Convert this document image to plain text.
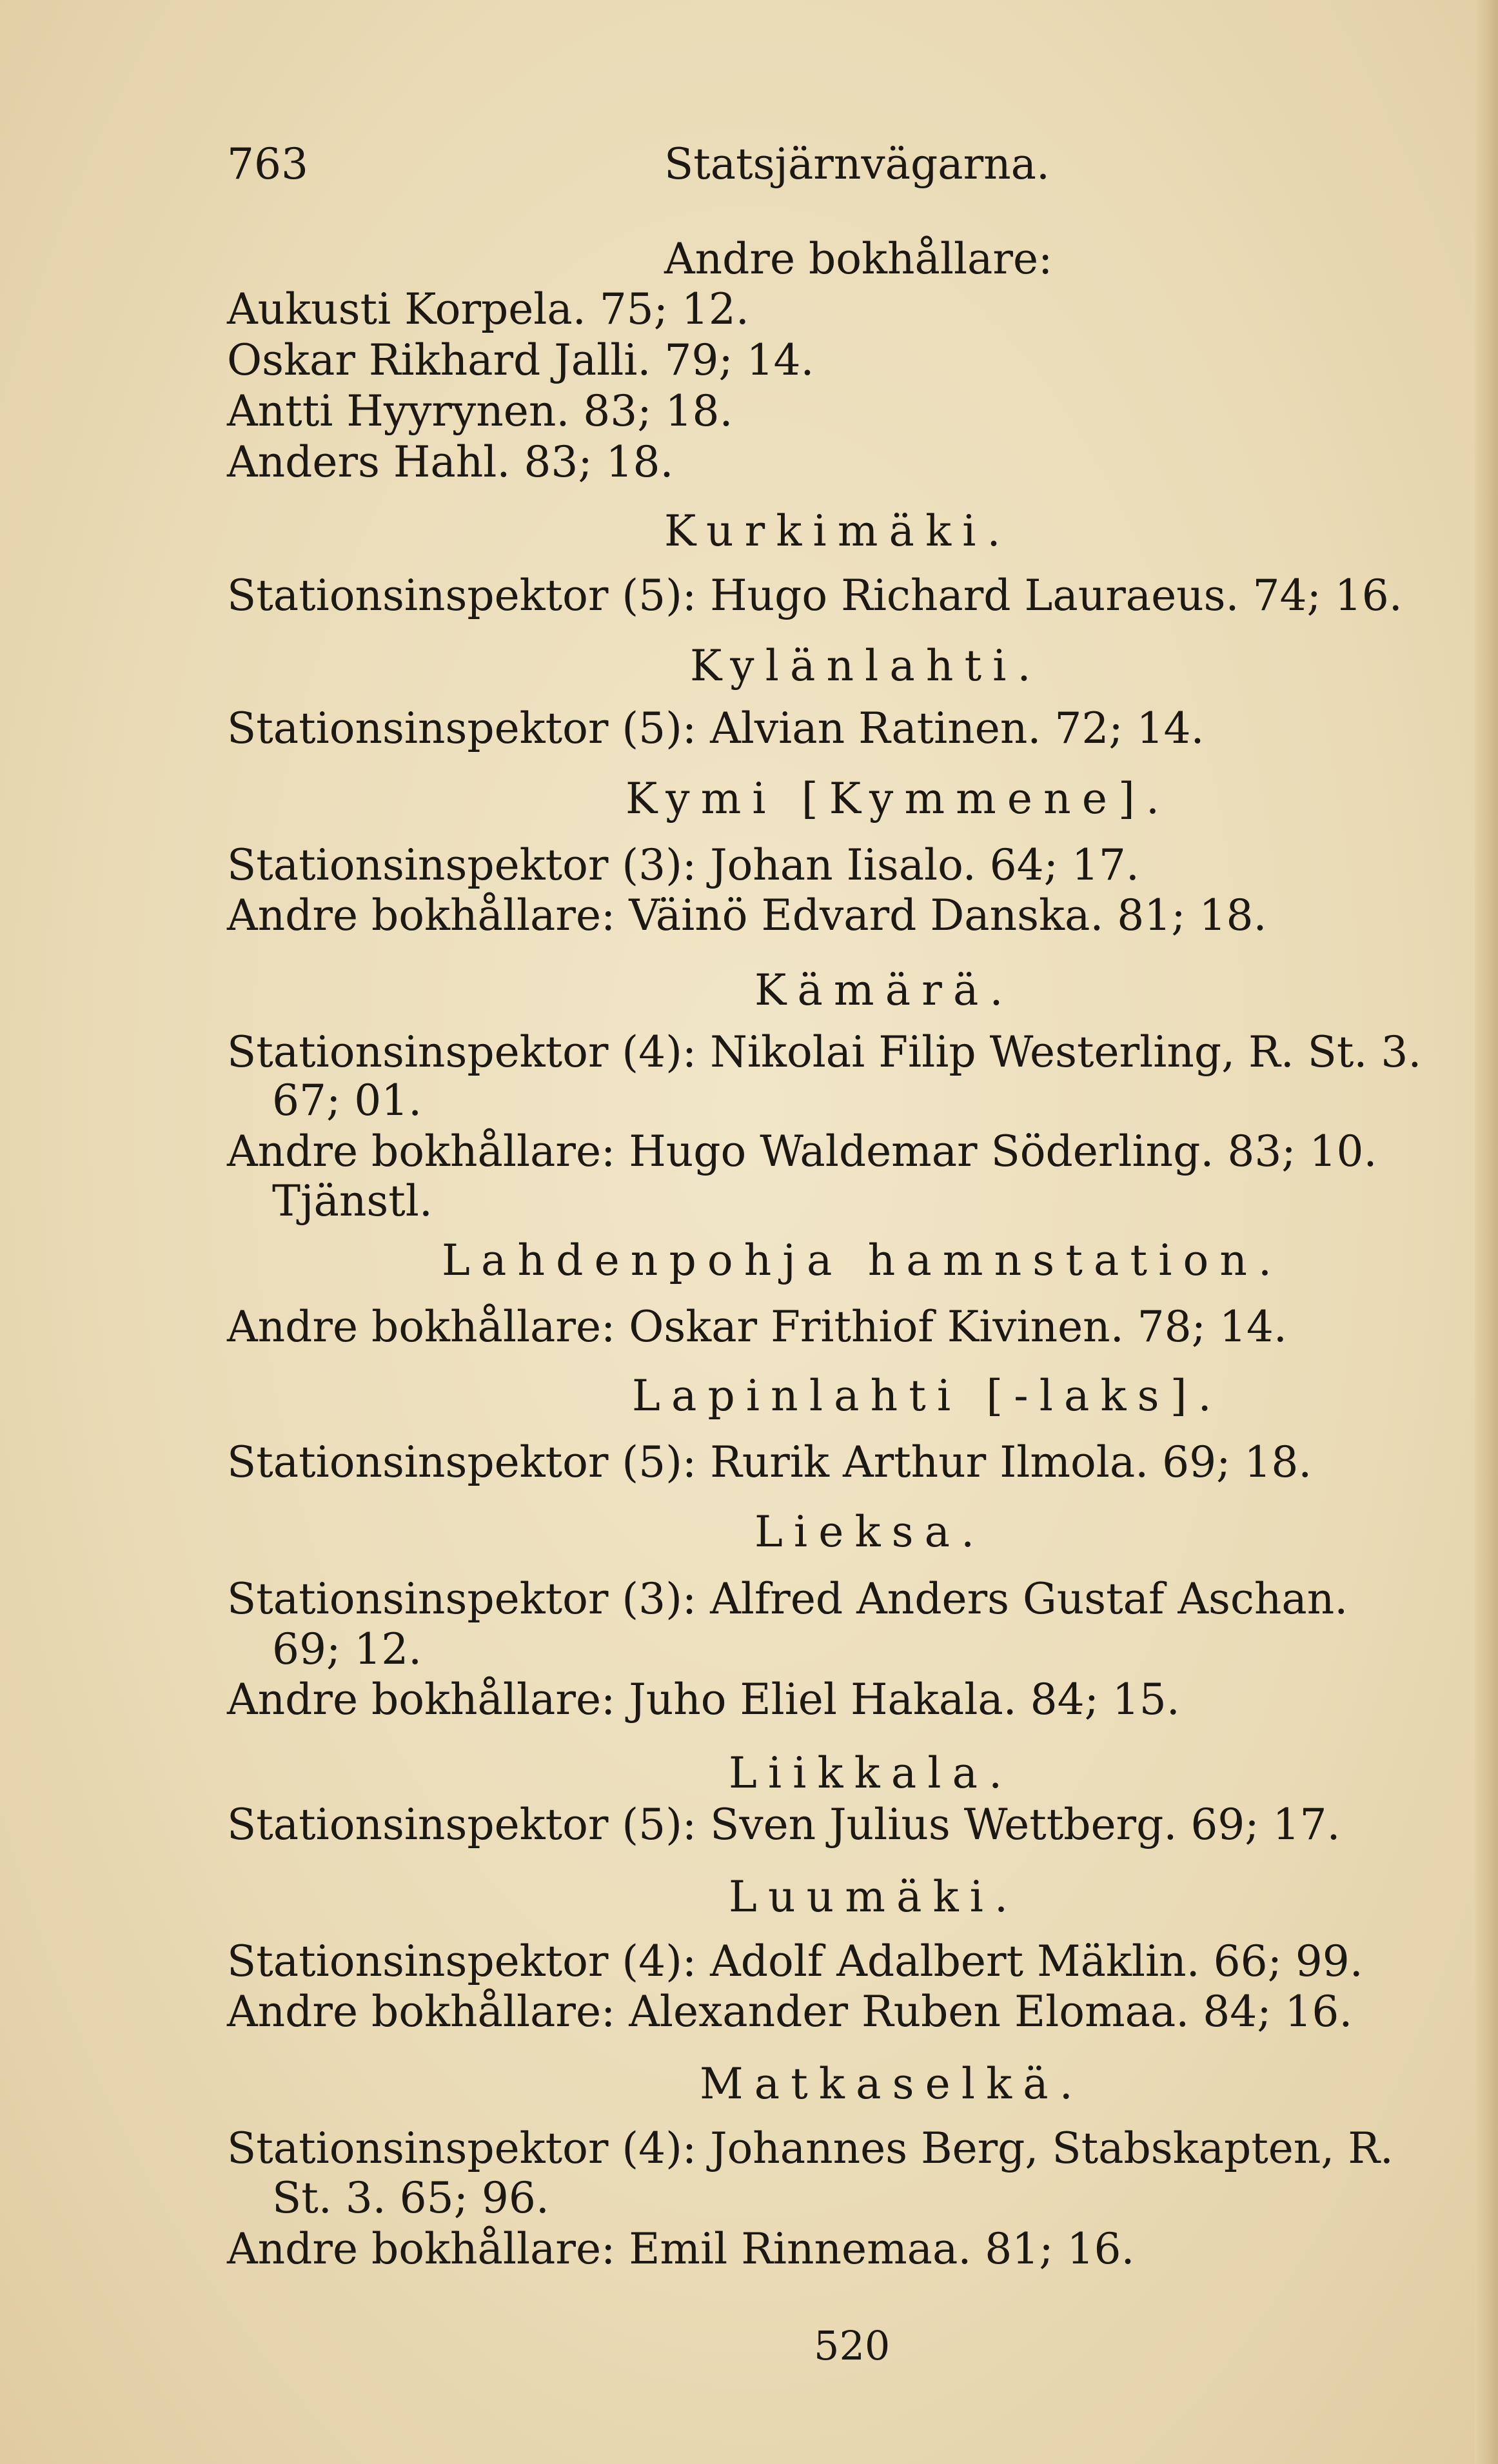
763	Statsjärnvägarna.
Andre bokhållare:
Aukusti Korpela. 75; 12.
Oskar Rikhard Jalli. 79; 14.
Antti Hyyrynen. 83; 18.
Anders Hahl. 83; 18.
Kurkimäki.
Stationsinspektor (5): Hugo Richard Lauraeus. 74; 16.
Kylänlahti.
Stationsinspektor (5): Alvian Ratinen. 72; 14.
Kymi [Kymmene].
Stationsinspektor (3): Johan Iisalo. 64; 17.
Andre bokhållare: Väinö Edvard Danska. 81; 18.
Kämärä.
Stationsinspektor (4): Nikolai Filip Westerling, R. St. 3.
67; 01.
Andre bokhållare: Hugo Waldemar Söderling. 83; 10.
Tjänstl.
Lahdenpohja hamnstation.
Andre bokhållare: Oskar Frithiof Kivinen. 78; 14.
Lapinlahti [-laks].
Stationsinspektor (5): Rurik Arthur Ilmola. 69; 18.
Lieksa.
Stationsinspektor (3): Alfred Anders Gustaf Aschan.
69; 12.
Andre bokhållare: Juho Eliel Hakala. 84; 15.
Liikkala.
Stationsinspektor (5): Sven Julius Wettberg. 69; 17.
Luumäki.
Stationsinspektor (4): Adolf Adalbert Mäklin. 66; 99.
Andre bokhållare: Alexander Ruben Elomaa. 84; 16.
Matkaselkä.
Stationsinspektor (4): Johannes Berg, Stabskapten, R.
St. 3. 65; 96.
Andre bokhållare: Emil Rinnemaa. 81; 16.
520
